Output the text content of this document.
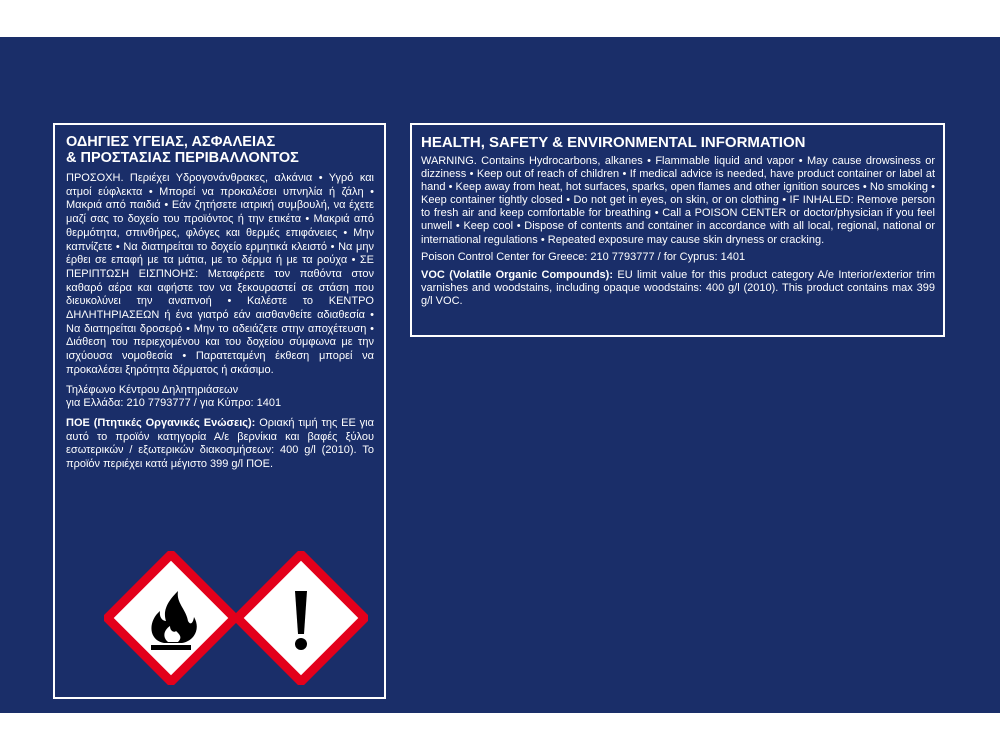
ΟΔΗΓΙΕΣ ΥΓΕΙΑΣ, ΑΣΦΑΛΕΙΑΣ
& ΠΡΟΣΤΑΣΙΑΣ ΠΕΡΙΒΑΛΛΟΝΤΟΣ

ΠΡΟΣΟΧΗ. Περιέχει Υδρογονάνθρακες, αλκάνια • Υγρό και ατμοί εύφλεκτα • Μπορεί να προκαλέσει υπνηλία ή ζάλη • Μακριά από παιδιά • Εάν ζητήσετε ιατρική συμβουλή, να έχετε μαζί σας το δοχείο του προϊόντος ή την ετικέτα • Μακριά από θερμότητα, σπινθήρες, φλόγες και θερμές επιφάνειες • Μην καπνίζετε • Να διατηρείται το δοχείο ερμητικά κλειστό • Να μην έρθει σε επαφή με τα μάτια, με το δέρμα ή με τα ρούχα • ΣΕ ΠΕΡΙΠΤΩΣΗ ΕΙΣΠΝΟΗΣ: Μεταφέρετε τον παθόντα στον καθαρό αέρα και αφήστε τον να ξεκουραστεί σε στάση που διευκολύνει την αναπνοή • Καλέστε το ΚΕΝΤΡΟ ΔΗΛΗΤΗΡΙΑΣΕΩΝ ή ένα γιατρό εάν αισθανθείτε αδιαθεσία • Να διατηρείται δροσερό • Μην το αδειάζετε στην αποχέτευση • Διάθεση του περιεχομένου και του δοχείου σύμφωνα με την ισχύουσα νομοθεσία • Παρατεταμένη έκθεση μπορεί να προκαλέσει ξηρότητα δέρματος ή σκάσιμο.

Τηλέφωνο Κέντρου Δηλητηριάσεων
για Ελλάδα: 210 7793777 / για Κύπρο: 1401

ΠΟΕ (Πτητικές Οργανικές Ενώσεις): Οριακή τιμή της ΕΕ για αυτό το προϊόν κατηγορία Α/ε βερνίκια και βαφές ξύλου εσωτερικών / εξωτερικών διακοσμήσεων: 400 g/l (2010). Το προϊόν περιέχει κατά μέγιστο 399 g/l ΠΟΕ.

HEALTH, SAFETY & ENVIRONMENTAL INFORMATION

WARNING. Contains Hydrocarbons, alkanes • Flammable liquid and vapor • May cause drowsiness or dizziness • Keep out of reach of children • If medical advice is needed, have product container or label at hand • Keep away from heat, hot surfaces, sparks, open flames and other ignition sources • No smoking • Keep container tightly closed • Do not get in eyes, on skin, or on clothing • IF INHALED: Remove person to fresh air and keep comfortable for breathing • Call a POISON CENTER or doctor/physician if you feel unwell • Keep cool • Dispose of contents and container in accordance with all local, regional, national or international regulations • Repeated exposure may cause skin dryness or cracking.

Poison Control Center for Greece: 210 7793777 / for Cyprus: 1401

VOC (Volatile Organic Compounds): EU limit value for this product category A/e Interior/exterior trim varnishes and woodstains, including opaque woodstains: 400 g/l (2010). This product contains max 399 g/l VOC.
